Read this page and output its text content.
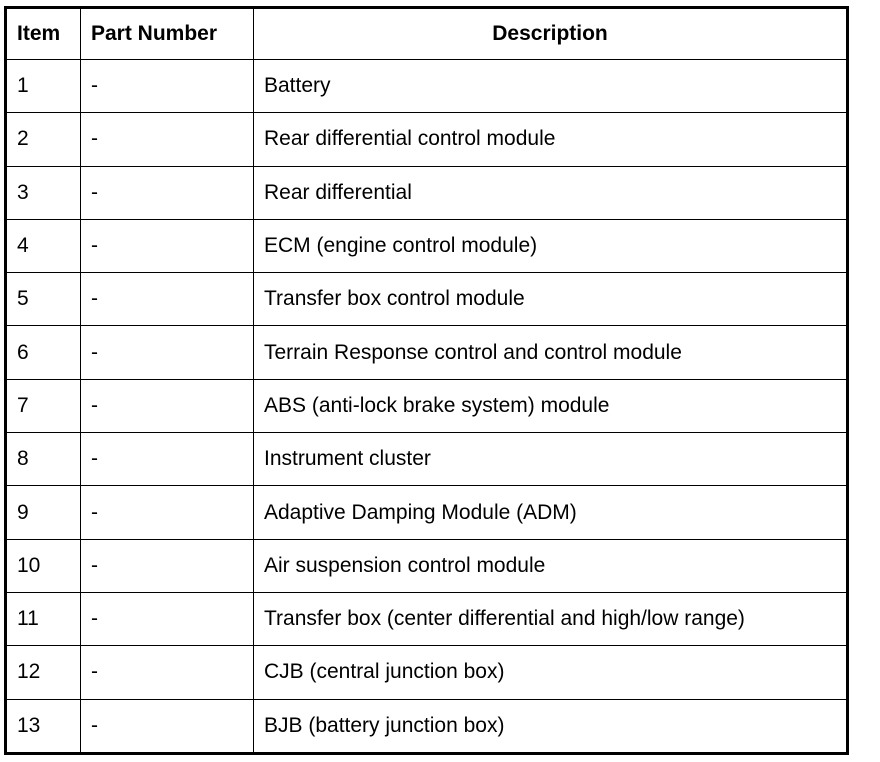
Item	Part Number	Description
1	-	Battery
2	-	Rear differential control module
3	-	Rear differential
4	-	ECM (engine control module)
5	-	Transfer box control module
6	-	Terrain Response control and control module
7	-	ABS (anti-lock brake system) module
8	-	Instrument cluster
9	-	Adaptive Damping Module (ADM)
10	-	Air suspension control module
11	-	Transfer box (center differential and high/low range)
12	-	CJB (central junction box)
13	-	BJB (battery junction box)
